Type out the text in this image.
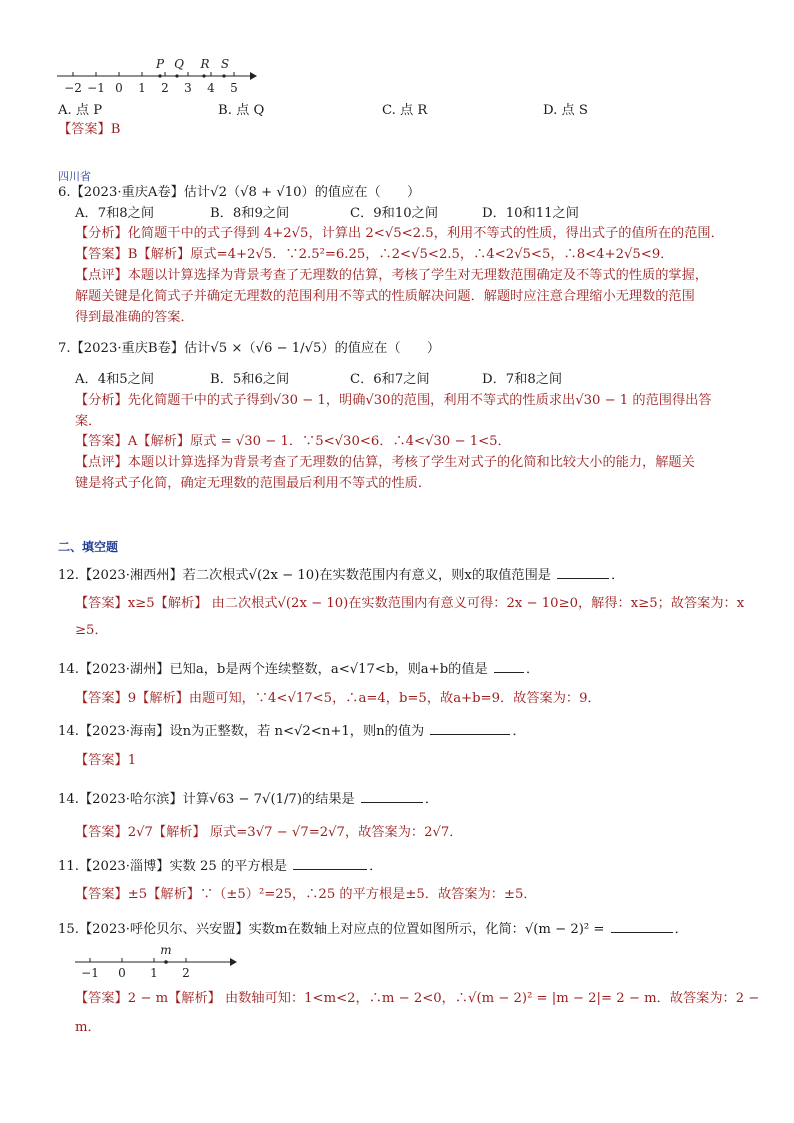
−2 −1 0 1 2 3 4 5
P Q R S
A. 点 P	B. 点 Q	C. 点 R	D. 点 S
【答案】B
四川省
6.【2023·重庆A卷】估计√2（√8 + √10）的值应在（　　）
A．7和8之间	B．8和9之间	C．9和10之间	D．10和11之间
【分析】化简题干中的式子得到 4+2√5，计算出 2<√5<2.5，利用不等式的性质，得出式子的值所在的范围．
【答案】B【解析】原式=4+2√5．∵2.5²=6.25，∴2<√5<2.5，∴4<2√5<5，∴8<4+2√5<9．
【点评】本题以计算选择为背景考查了无理数的估算，考核了学生对无理数范围确定及不等式的性质的掌握，
解题关键是化简式子并确定无理数的范围利用不等式的性质解决问题．解题时应注意合理缩小无理数的范围
得到最准确的答案．
7.【2023·重庆B卷】估计√5 ×（√6 − 1/√5）的值应在（　　）
A．4和5之间	B．5和6之间	C．6和7之间	D．7和8之间
【分析】先化简题干中的式子得到√30 − 1，明确√30的范围，利用不等式的性质求出√30 − 1 的范围得出答
案．
【答案】A【解析】原式 = √30 − 1．∵5<√30<6．∴4<√30 − 1<5．
【点评】本题以计算选择为背景考查了无理数的估算，考核了学生对式子的化简和比较大小的能力，解题关
键是将式子化简，确定无理数的范围最后利用不等式的性质．
二、填空题
12.【2023·湘西州】若二次根式√(2x − 10)在实数范围内有意义，则x的取值范围是	．
【答案】x≥5【解析】 由二次根式√(2x − 10)在实数范围内有意义可得：2x − 10≥0，解得：x≥5；故答案为：x
≥5．
14.【2023·湖州】已知a，b是两个连续整数，a<√17<b，则a+b的值是	．
【答案】9【解析】由题可知，∵4<√17<5，∴a=4，b=5，故a+b=9．故答案为：9．
14.【2023·海南】设n为正整数，若 n<√2<n+1，则n的值为	．
【答案】1
14.【2023·哈尔滨】计算√63 − 7√(1/7)的结果是	．
【答案】2√7【解析】 原式=3√7 − √7=2√7，故答案为：2√7．
11.【2023·淄博】实数 25 的平方根是	．
【答案】±5【解析】∵（±5）²=25，∴25 的平方根是±5．故答案为：±5．
15.【2023·呼伦贝尔、兴安盟】实数m在数轴上对应点的位置如图所示，化简：√(m − 2)² =	．
−1 0 1 2
m
【答案】2 − m【解析】 由数轴可知：1<m<2，∴m − 2<0，∴√(m − 2)² = |m − 2|= 2 − m．故答案为：2 −
m．
